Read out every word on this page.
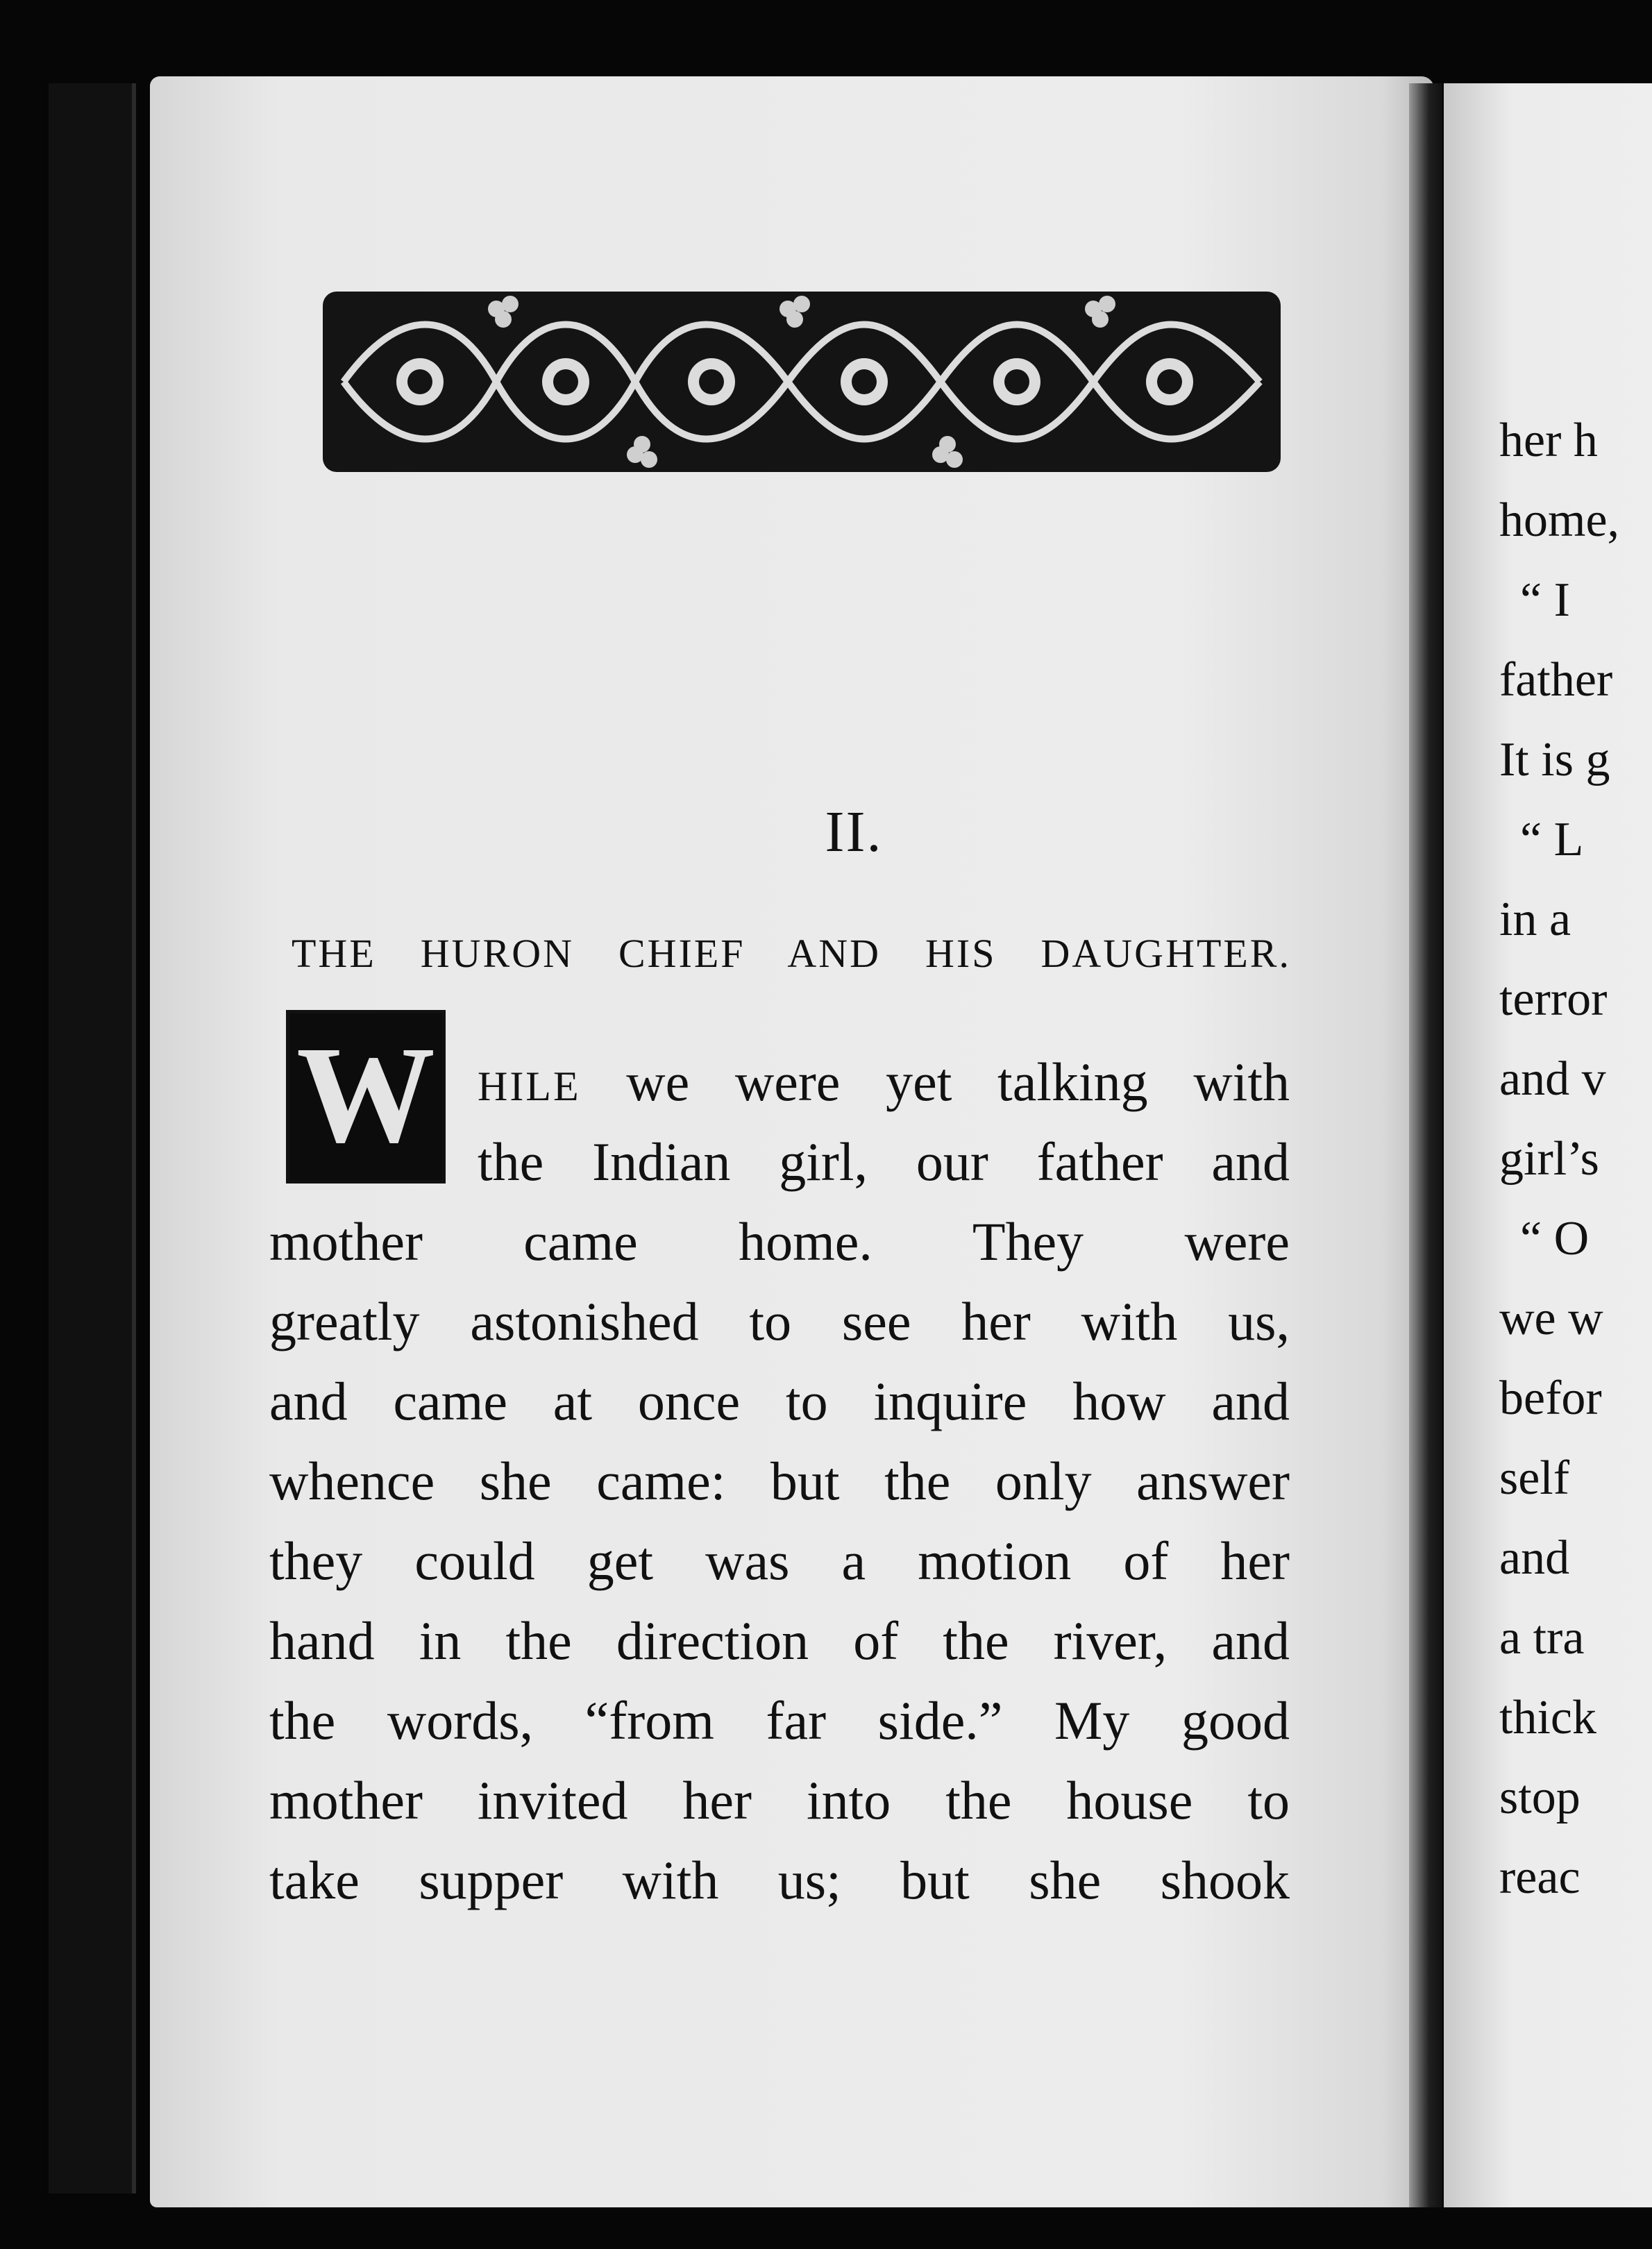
II.
THE HURON CHIEF AND HIS DAUGHTER.
W HILE we were yet talking with
the Indian girl, our father and
mother came home. They were
greatly astonished to see her with us,
and came at once to inquire how and
whence she came: but the only answer
they could get was a motion of her
hand in the direction of the river, and
the words, “from far side.” My good
mother invited her into the house to
take supper with us; but she shook
her h
home,
“ I
father
It is g
“ L
in a
terror
and v
girl’s
“ O
we w
befor
self
and
a tra
thick
stop
reac
